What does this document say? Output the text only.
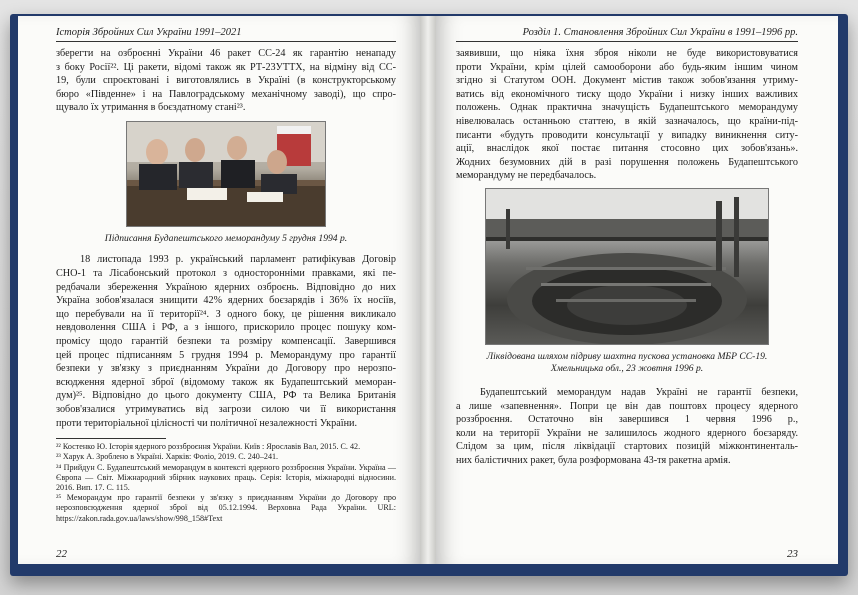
Історія Збройних Сил України 1991–2021
зберегти на озброєнні України 46 ракет СС-24 як гарантію ненападу
з боку Росії²². Ці ракети, відомі також як РТ-23УТТХ, на відміну від СС-
19, були спроєктовані і виготовлялись в Україні (в конструкторському
бюро «Південне» і на Павлоградському механічному заводі), що спро-
щувало їх утримання в боєздатному стані²³.
Підписання Будапештського меморандуму 5 грудня 1994 р.
18 листопада 1993 р. український парламент ратифікував Договір
СНО-1 та Лісабонський протокол з односторонніми правками, які пе-
редбачали збереження Україною ядерних озброєнь. Відповідно до них
Україна зобов'язалася знищити 42% ядерних боєзарядів і 36% їх носіїв,
що перебували на її території²⁴. З одного боку, це рішення викликало
невдоволення США і РФ, а з іншого, прискорило процес пошуку ком-
промісу щодо гарантій безпеки та розміру компенсації. Завершився
цей процес підписанням 5 грудня 1994 р. Меморандуму про гарантії
безпеки у зв'язку з приєднанням України до Договору про нерозпо-
всюдження ядерної зброї (відомому також як Будапештський меморан-
дум)²⁵. Відповідно до цього документу США, РФ та Велика Британія
зобов'язалися утримуватись від загрози силою чи її використання
проти територіальної цілісності чи політичної незалежності України.

²² Костенко Ю. Історія ядерного роззброєння України. Київ : Ярославів Вал, 2015. С. 42.

²³ Харук А. Зроблено в Україні. Харків: Фоліо, 2019. С. 240–241.

²⁴ Прийдун С. Будапештський меморандум в контексті ядерного роззброєння України. Україна — Європа — Світ. Міжнародний збірник наукових праць. Серія: Історія, міжнародні відносини. 2016. Вип. 17. С. 115.

²⁵ Меморандум про гарантії безпеки у зв'язку з приєднанням України до Договору про нерозповсюдження ядерної зброї від 05.12.1994. Верховна Рада України. URL: https://zakon.rada.gov.ua/laws/show/998_158#Text

22
Розділ 1. Становлення Збройних Сил України в 1991–1996 рр.
заявивши, що ніяка їхня зброя ніколи не буде використовуватися
проти України, крім цілей самооборони або будь-яким іншим чином
згідно зі Статутом ООН. Документ містив також зобов'язання утриму-
ватись від економічного тиску щодо України і низку інших важливих
положень. Однак практична значущість Будапештського меморандуму
нівелювалась останньою статтею, в якій зазначалось, що країни-під-
писанти «будуть проводити консультації у випадку виникнення ситу-
ації, внаслідок якої постає питання стосовно цих зобов'язань».
Жодних безумовних дій в разі порушення положень Будапештського
меморандуму не передбачалось.
Ліквідована шляхом підриву шахтна пускова установка МБР СС-19.
Хмельницька обл., 23 жовтня 1996 р.
Будапештський меморандум надав Україні не гарантії безпеки,
а лише «запевнення». Попри це він дав поштовх процесу ядерного
роззброєння. Остаточно він завершився 1 червня 1996 р.,
коли на території України не залишилось жодного ядерного боєзаряду.
Слідом за цим, після ліквідації стартових позицій міжконтиненталь-
них балістичних ракет, була розформована 43-тя ракетна армія.
23
